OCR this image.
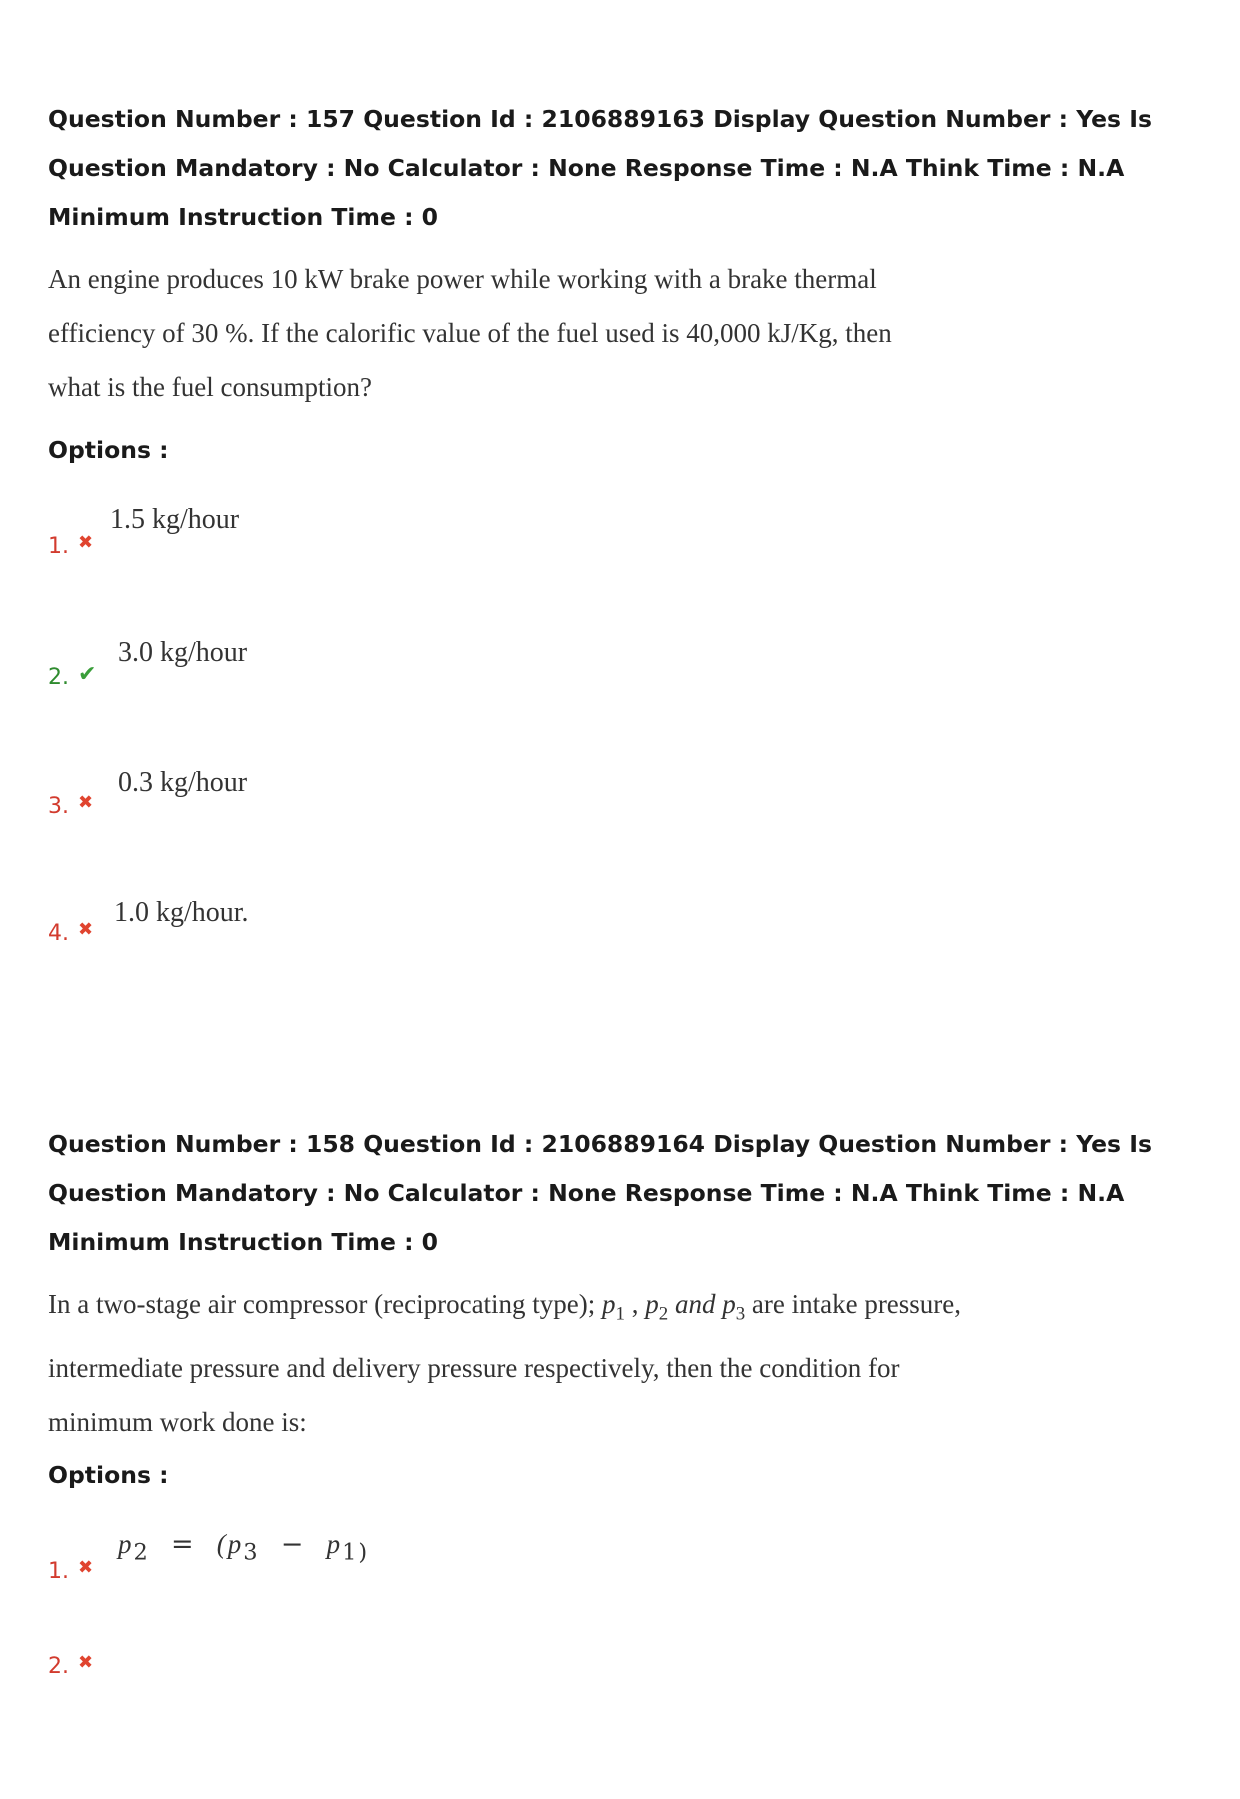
Question Number : 157 Question Id : 2106889163 Display Question Number : Yes Is Question Mandatory : No Calculator : None Response Time : N.A Think Time : N.A Minimum Instruction Time : 0
An engine produces 10 kW brake power while working with a brake thermal efficiency of 30 %. If the calorific value of the fuel used is 40,000 kJ/Kg, then what is the fuel consumption?
Options :
1. ✖
1.5 kg/hour
2. ✔
3.0 kg/hour
3. ✖
0.3 kg/hour
4. ✖
1.0 kg/hour.
Question Number : 158 Question Id : 2106889164 Display Question Number : Yes Is Question Mandatory : No Calculator : None Response Time : N.A Think Time : N.A Minimum Instruction Time : 0
In a two-stage air compressor (reciprocating type); $p_1$ , $p_2$ and $p_3$ are intake pressure, intermediate pressure and delivery pressure respectively, then the condition for minimum work done is:
Options :
1. ✖
$p_2 = (p_3 - p_{1)}$
2. ✖
